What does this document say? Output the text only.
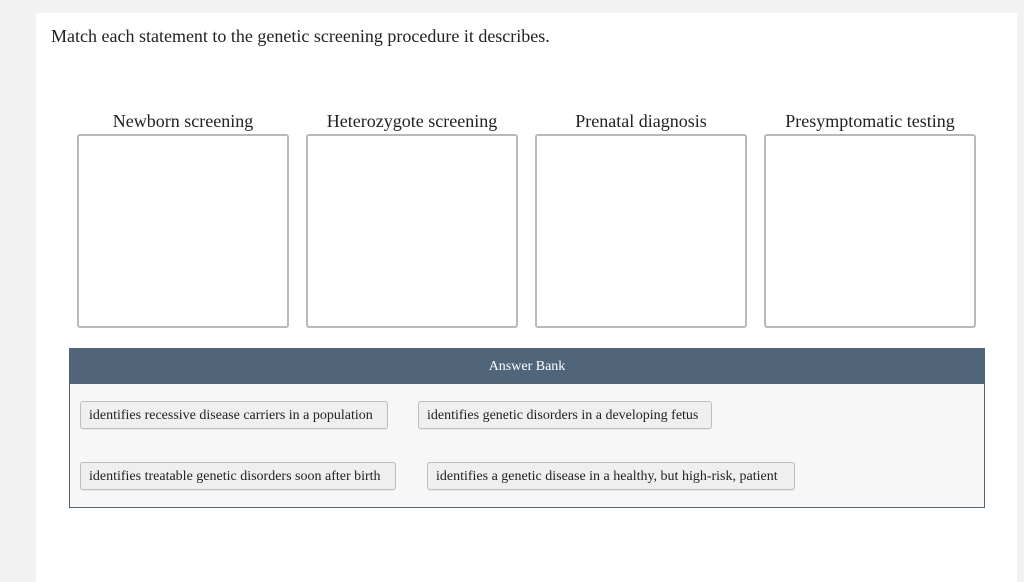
Match each statement to the genetic screening procedure it describes.
Newborn screening	Heterozygote screening	Prenatal diagnosis	Presymptomatic testing
Answer Bank
identifies recessive disease carriers in a population	identifies genetic disorders in a developing fetus
identifies treatable genetic disorders soon after birth	identifies a genetic disease in a healthy, but high-risk, patient
